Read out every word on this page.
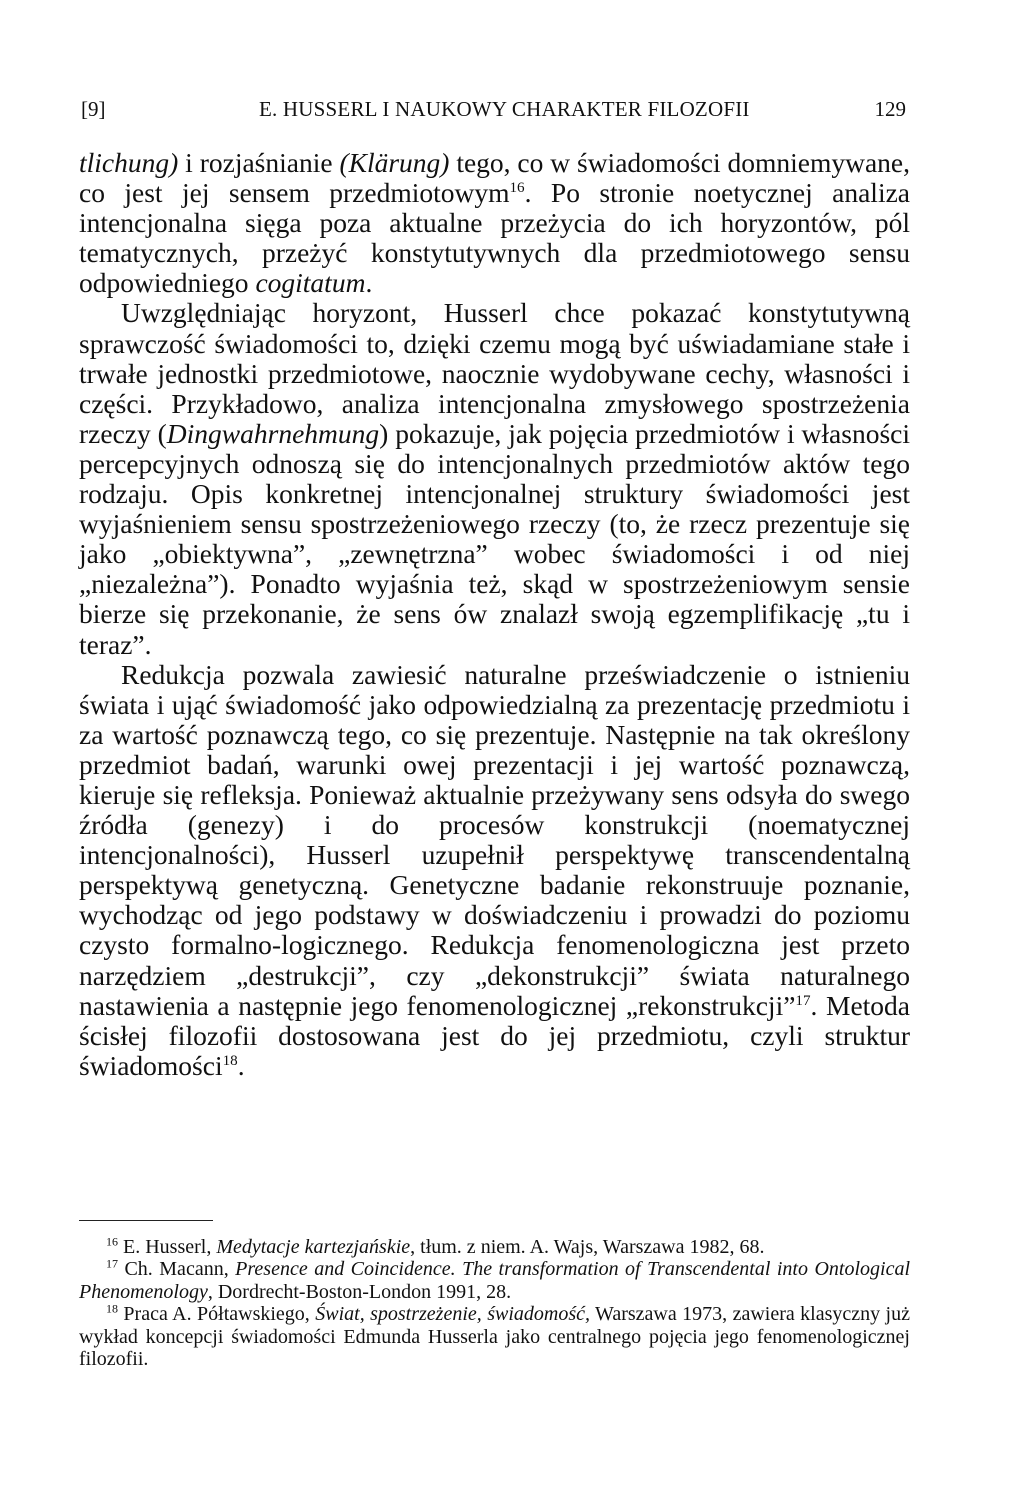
[9]	E. HUSSERL I NAUKOWY CHARAKTER FILOZOFII	129

tlichung) i rozjaśnianie (Klärung) tego, co w świadomości domniemywane, co jest jej sensem przedmiotowym$^{16}$. Po stronie noetycznej analiza intencjonalna sięga poza aktualne przeżycia do ich horyzontów, pól tematycznych, przeżyć konstytutywnych dla przedmiotowego sensu odpowiedniego cogitatum.

Uwzględniając horyzont, Husserl chce pokazać konstytutywną sprawczość świadomości to, dzięki czemu mogą być uświadamiane stałe i trwałe jednostki przedmiotowe, naocznie wydobywane cechy, własności i części. Przykładowo, analiza intencjonalna zmysłowego spostrzeżenia rzeczy (Dingwahrnehmung) pokazuje, jak pojęcia przedmiotów i własności percepcyjnych odnoszą się do intencjonalnych przedmiotów aktów tego rodzaju. Opis konkretnej intencjonalnej struktury świadomości jest wyjaśnieniem sensu spostrzeżeniowego rzeczy (to, że rzecz prezentuje się jako „obiektywna”, „zewnętrzna” wobec świadomości i od niej „niezależna”). Ponadto wyjaśnia też, skąd w spostrzeżeniowym sensie bierze się przekonanie, że sens ów znalazł swoją egzemplifikację „tu i teraz”.

Redukcja pozwala zawiesić naturalne przeświadczenie o istnieniu świata i ująć świadomość jako odpowiedzialną za prezentację przedmiotu i za wartość poznawczą tego, co się prezentuje. Następnie na tak określony przedmiot badań, warunki owej prezentacji i jej wartość poznawczą, kieruje się refleksja. Ponieważ aktualnie przeżywany sens odsyła do swego źródła (genezy) i do procesów konstrukcji (noematycznej intencjonalności), Husserl uzupełnił perspektywę transcendentalną perspektywą genetyczną. Genetyczne badanie rekonstruuje poznanie, wychodząc od jego podstawy w doświadczeniu i prowadzi do poziomu czysto formalno-logicznego. Redukcja fenomenologiczna jest przeto narzędziem „destrukcji”, czy „dekonstrukcji” świata naturalnego nastawienia a następnie jego fenomenologicznej „rekonstrukcji”$^{17}$. Metoda ścisłej filozofii dostosowana jest do jej przedmiotu, czyli struktur świadomości$^{18}$.

$^{16}$ E. Husserl, Medytacje kartezjańskie, tłum. z niem. A. Wajs, Warszawa 1982, 68.

$^{17}$ Ch. Macann, Presence and Coincidence. The transformation of Transcendental into Ontological Phenomenology, Dordrecht-Boston-London 1991, 28.

$^{18}$ Praca A. Półtawskiego, Świat, spostrzeżenie, świadomość, Warszawa 1973, zawiera klasyczny już wykład koncepcji świadomości Edmunda Husserla jako centralnego pojęcia jego fenomenologicznej filozofii.
